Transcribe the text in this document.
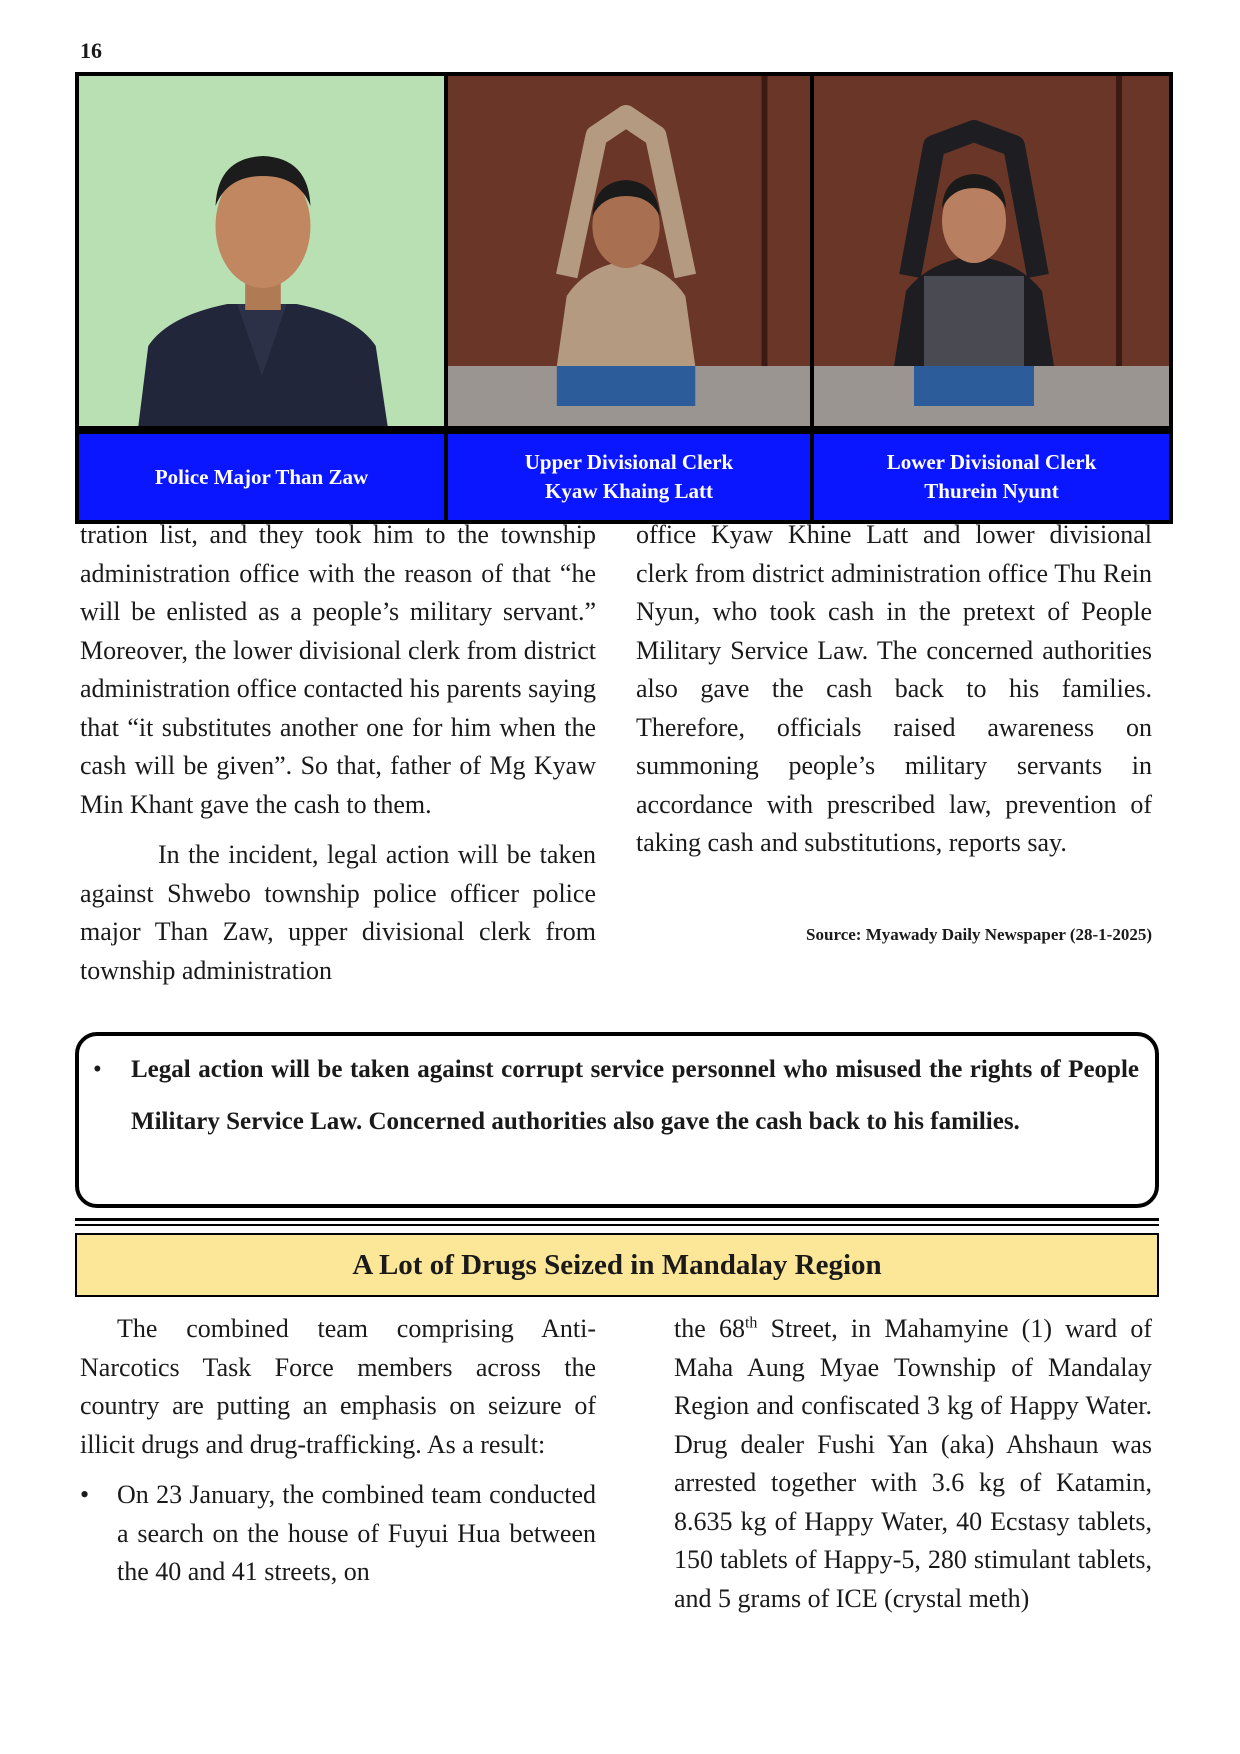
16
Police Major Than Zaw
Upper Divisional Clerk
Kyaw Khaing Latt
Lower Divisional Clerk
Thurein Nyunt

tration list, and they took him to the township administration office with the reason of that “he will be enlisted as a people’s military servant.” Moreover, the lower divisional clerk from district administration office contacted his parents saying that “it substitutes another one for him when the cash will be given”. So that, father of Mg Kyaw Min Khant gave the cash to them.

In the incident, legal action will be taken against Shwebo township police officer police major Than Zaw, upper divisional clerk from township administration

office Kyaw Khine Latt and lower divisional clerk from district administration office Thu Rein Nyun, who took cash in the pretext of People Military Service Law. The concerned authorities also gave the cash back to his families. Therefore, officials raised awareness on summoning people’s military servants in accordance with prescribed law, prevention of taking cash and substitutions, reports say.

Source: Myawady Daily Newspaper (28-1-2025)
• Legal action will be taken against corrupt service personnel who misused the rights of People Military Service Law. Concerned authorities also gave the cash back to his families.
A Lot of Drugs Seized in Mandalay Region

The combined team comprising Anti-Narcotics Task Force members across the country are putting an emphasis on seizure of illicit drugs and drug-trafficking. As a result:

• On 23 January, the combined team conducted a search on the house of Fuyui Hua between the 40 and 41 streets, on

the 68th Street, in Mahamyine (1) ward of Maha Aung Myae Township of Mandalay Region and confiscated 3 kg of Happy Water. Drug dealer Fushi Yan (aka) Ahshaun was arrested together with 3.6 kg of Katamin, 8.635 kg of Happy Water, 40 Ecstasy tablets, 150 tablets of Happy-5, 280 stimulant tablets, and 5 grams of ICE (crystal meth)
